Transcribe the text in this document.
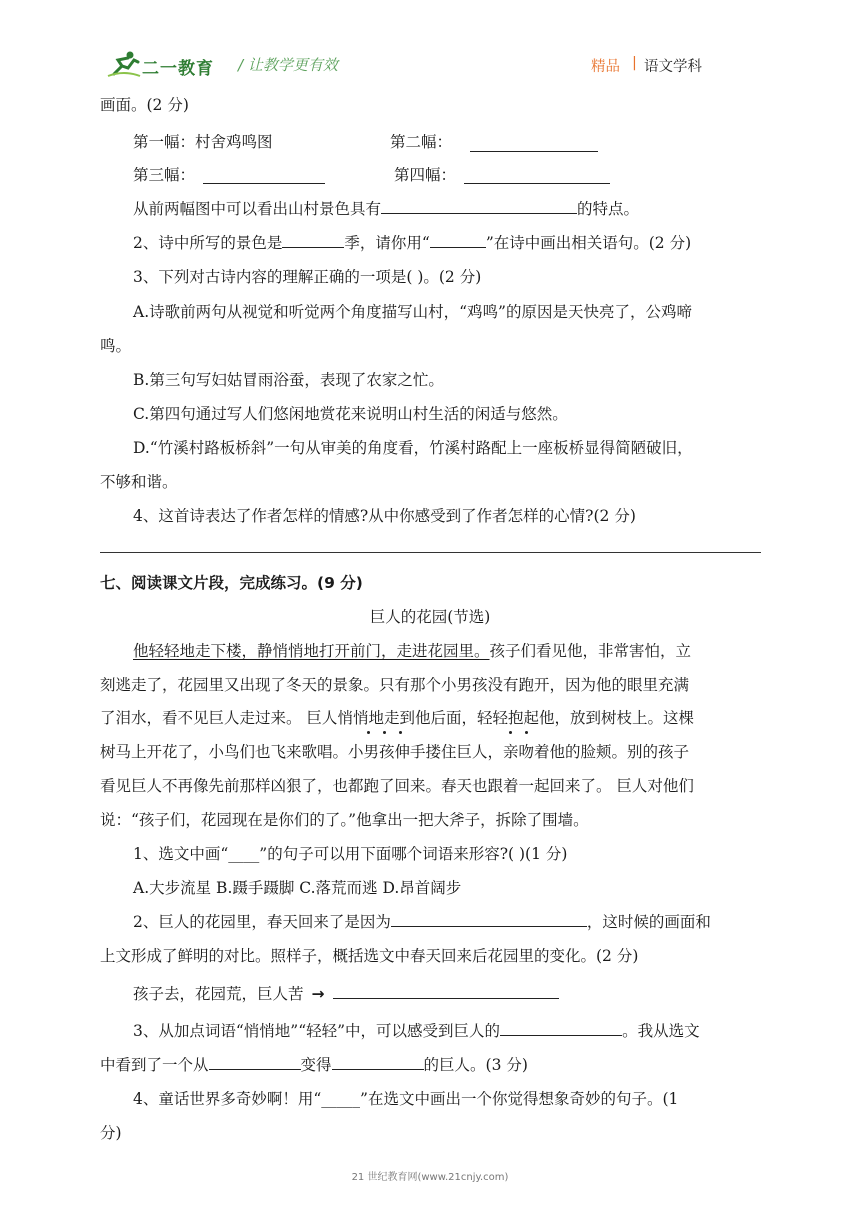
二一教育 / 让教学更有效	精品 | 语文学科
画面。(2 分)
第一幅：村舍鸡鸣图	第二幅：
第三幅：	第四幅：
从前两幅图中可以看出山村景色具有	的特点。
2、诗中所写的景色是	季，请你用“	”在诗中画出相关语句。(2 分)
3、下列对古诗内容的理解正确的一项是( )。(2 分)
A.诗歌前两句从视觉和听觉两个角度描写山村，“鸡鸣”的原因是天快亮了，公鸡啼
鸣。
B.第三句写妇姑冒雨浴蚕，表现了农家之忙。
C.第四句通过写人们悠闲地赏花来说明山村生活的闲适与悠然。
D.“竹溪村路板桥斜”一句从审美的角度看，竹溪村路配上一座板桥显得简陋破旧，
不够和谐。
4、这首诗表达了作者怎样的情感?从中你感受到了作者怎样的心情?(2 分)
七、阅读课文片段，完成练习。(9 分)
巨人的花园(节选)
他轻轻地走下楼，静悄悄地打开前门，走进花园里。孩子们看见他，非常害怕，立
刻逃走了，花园里又出现了冬天的景象。只有那个小男孩没有跑开，因为他的眼里充满
了泪水，看不见巨人走过来。 巨人悄悄地走到他后面，轻轻抱起他，放到树枝上。这棵
树马上开花了，小鸟们也飞来歌唱。小男孩伸手搂住巨人，亲吻着他的脸颊。别的孩子
看见巨人不再像先前那样凶狠了，也都跑了回来。春天也跟着一起回来了。 巨人对他们
说：“孩子们，花园现在是你们的了。”他拿出一把大斧子，拆除了围墙。
1、选文中画“____”的句子可以用下面哪个词语来形容?( )(1 分)
A.大步流星 B.蹑手蹑脚 C.落荒而逃 D.昂首阔步
2、巨人的花园里，春天回来了是因为	，这时候的画面和
上文形成了鲜明的对比。照样子，概括选文中春天回来后花园里的变化。(2 分)
孩子去，花园荒，巨人苦 →
3、从加点词语“悄悄地”“轻轻”中，可以感受到巨人的	。我从选文
中看到了一个从	变得	的巨人。(3 分)
4、童话世界多奇妙啊！用“_____”在选文中画出一个你觉得想象奇妙的句子。(1
分)
21 世纪教育网(www.21cnjy.com)
